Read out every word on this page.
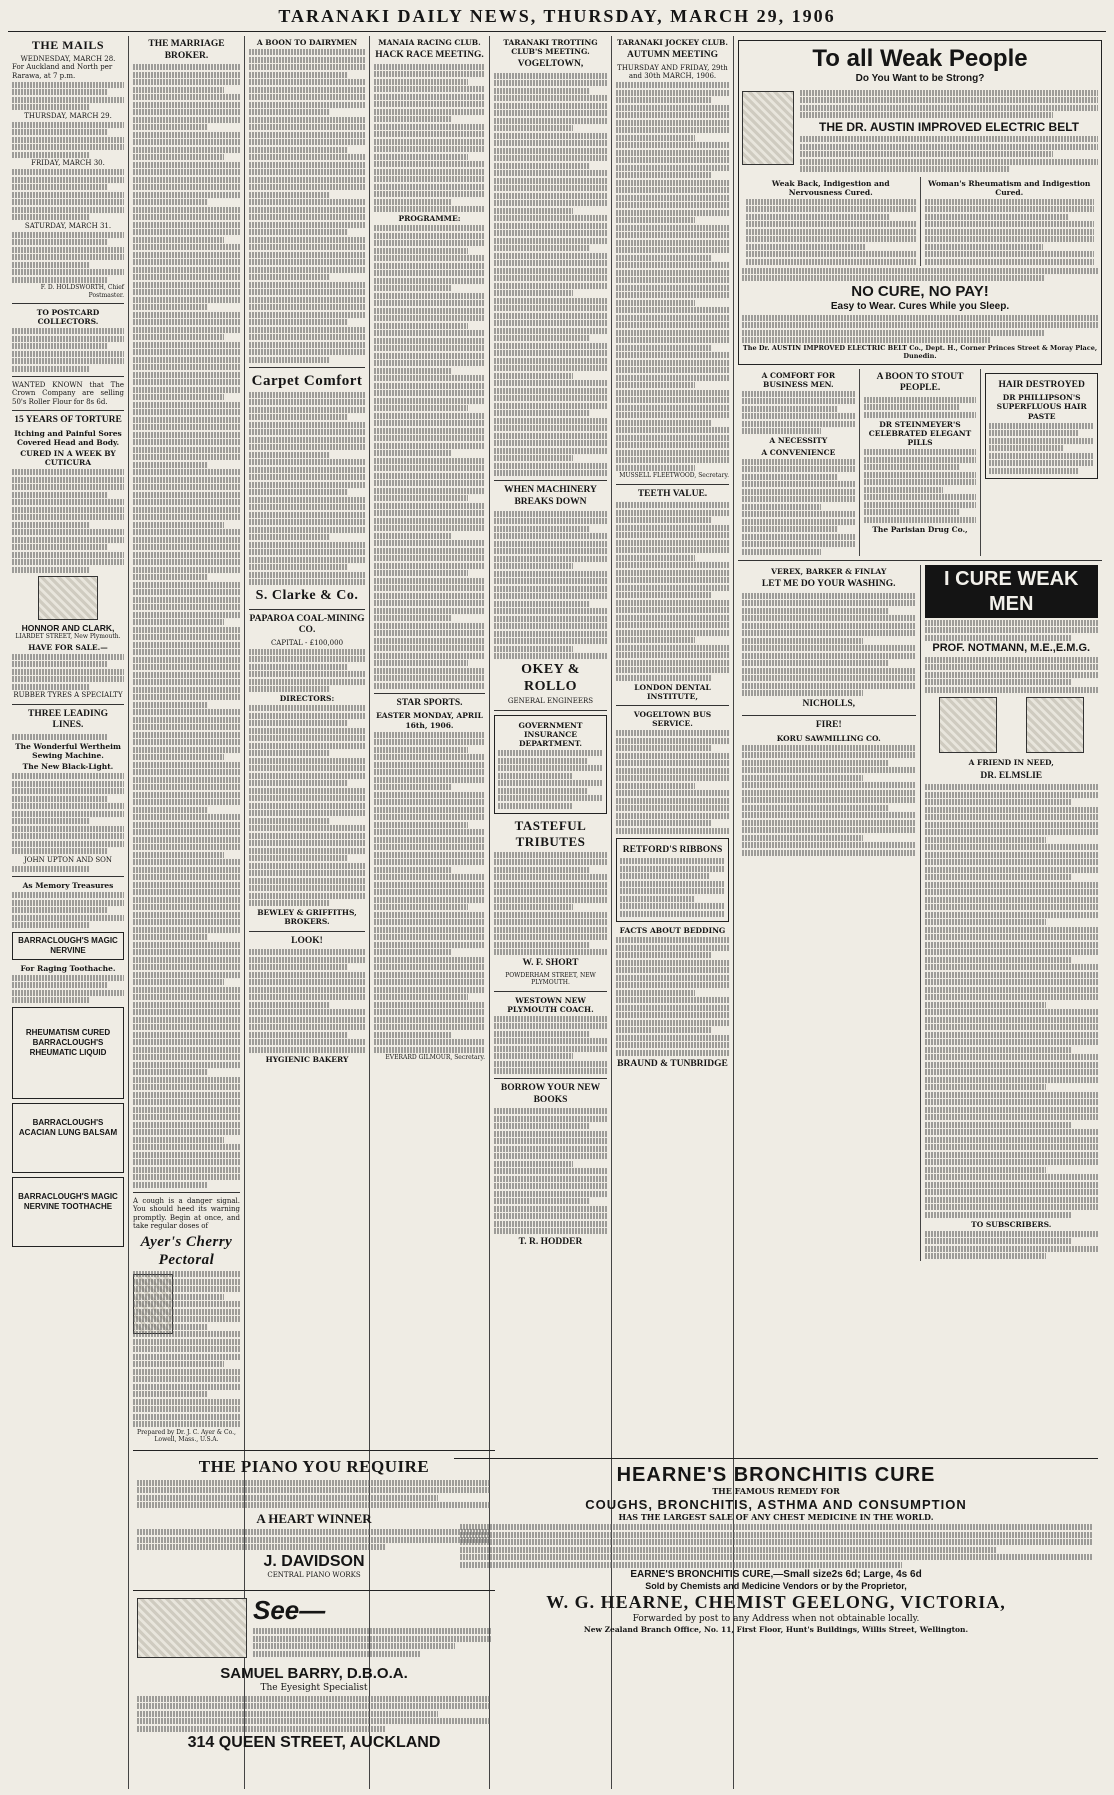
TARANAKI DAILY NEWS, THURSDAY, MARCH 29, 1906
THE MAILS
WEDNESDAY, MARCH 28.
For Auckland and North per Rarawa, at 7 p.m.
THURSDAY, MARCH 29.
FRIDAY, MARCH 30.
SATURDAY, MARCH 31.
F. D. HOLDSWORTH, Chief Postmaster.
TO POSTCARD COLLECTORS.

WANTED KNOWN that The Crown Company are selling 50's Roller Flour for 8s 6d.

15 YEARS OF TORTURE
Itching and Painful Sores Covered Head and Body.
CURED IN A WEEK BY CUTICURA
HONNOR AND CLARK,
LIARDET STREET, New Plymouth.
HAVE FOR SALE.—
RUBBER TYRES A SPECIALTY
THREE LEADING LINES.
The Wonderful Wertheim Sewing Machine.
The New Black-Light.
JOHN UPTON AND SON
As Memory Treasures
BARRACLOUGH'S MAGIC NERVINE
For Raging Toothache.
RHEUMATISM CURED BARRACLOUGH'S RHEUMATIC LIQUID
BARRACLOUGH'S ACACIAN LUNG BALSAM
BARRACLOUGH'S MAGIC NERVINE TOOTHACHE
THE MARRIAGE BROKER.

A cough is a danger signal. You should heed its warning promptly. Begin at once, and take regular doses of

Ayer's Cherry Pectoral
Prepared by Dr. J. C. Ayer & Co., Lowell, Mass., U.S.A.
A BOON TO DAIRYMEN
Carpet Comfort
S. Clarke & Co.
PAPAROA COAL-MINING CO.
CAPITAL - £100,000
DIRECTORS:
BEWLEY & GRIFFITHS, BROKERS.
LOOK!
HYGIENIC BAKERY
MANAIA RACING CLUB.
HACK RACE MEETING.
PROGRAMME:
STAR SPORTS.
EASTER MONDAY, APRIL 16th, 1906.
EVERARD GILMOUR, Secretary.
TARANAKI TROTTING CLUB'S MEETING.
VOGELTOWN,
WHEN MACHINERY BREAKS DOWN
OKEY & ROLLO
GENERAL ENGINEERS
GOVERNMENT INSURANCE DEPARTMENT.
TASTEFUL TRIBUTES
W. F. SHORT
POWDERHAM STREET, NEW PLYMOUTH.
WESTOWN NEW PLYMOUTH COACH.
BORROW YOUR NEW BOOKS
T. R. HODDER
TARANAKI JOCKEY CLUB.
AUTUMN MEETING
THURSDAY AND FRIDAY, 29th and 30th MARCH, 1906.
MUSSELL FLEETWOOD, Secretary.
TEETH VALUE.
LONDON DENTAL INSTITUTE,
VOGELTOWN BUS SERVICE.
RETFORD'S RIBBONS
FACTS ABOUT BEDDING
BRAUND & TUNBRIDGE
To all Weak People
Do You Want to be Strong?
THE DR. AUSTIN IMPROVED ELECTRIC BELT
Weak Back, Indigestion and Nervousness Cured.
Woman's Rheumatism and Indigestion Cured.
NO CURE, NO PAY!
Easy to Wear. Cures While you Sleep.
The Dr. AUSTIN IMPROVED ELECTRIC BELT Co., Dept. H., Corner Princes Street & Moray Place, Dunedin.
A COMFORT FOR BUSINESS MEN.
A NECESSITY
A CONVENIENCE
A BOON TO STOUT PEOPLE.
DR STEINMEYER'S CELEBRATED ELEGANT PILLS
The Parisian Drug Co.,
HAIR DESTROYED
DR PHILLIPSON'S SUPERFLUOUS HAIR PASTE
VEREX, BARKER & FINLAY
LET ME DO YOUR WASHING.
NICHOLLS,
FIRE!
KORU SAWMILLING CO.
I CURE WEAK MEN
PROF. NOTMANN, M.E.,E.M.G.
A FRIEND IN NEED,
DR. ELMSLIE
TO SUBSCRIBERS.
THE PIANO YOU REQUIRE
A HEART WINNER
J. DAVIDSON
CENTRAL PIANO WORKS
See—
SAMUEL BARRY, D.B.O.A.
The Eyesight Specialist
314 QUEEN STREET, AUCKLAND
HEARNE'S BRONCHITIS CURE
THE FAMOUS REMEDY FOR
COUGHS, BRONCHITIS, ASTHMA AND CONSUMPTION
HAS THE LARGEST SALE OF ANY CHEST MEDICINE IN THE WORLD.
EARNE'S BRONCHITIS CURE,—Small size2s 6d; Large, 4s 6d
Sold by Chemists and Medicine Vendors or by the Proprietor,
W. G. HEARNE, CHEMIST GEELONG, VICTORIA,
Forwarded by post to any Address when not obtainable locally.
New Zealand Branch Office, No. 11, First Floor, Hunt's Buildings, Willis Street, Wellington.
